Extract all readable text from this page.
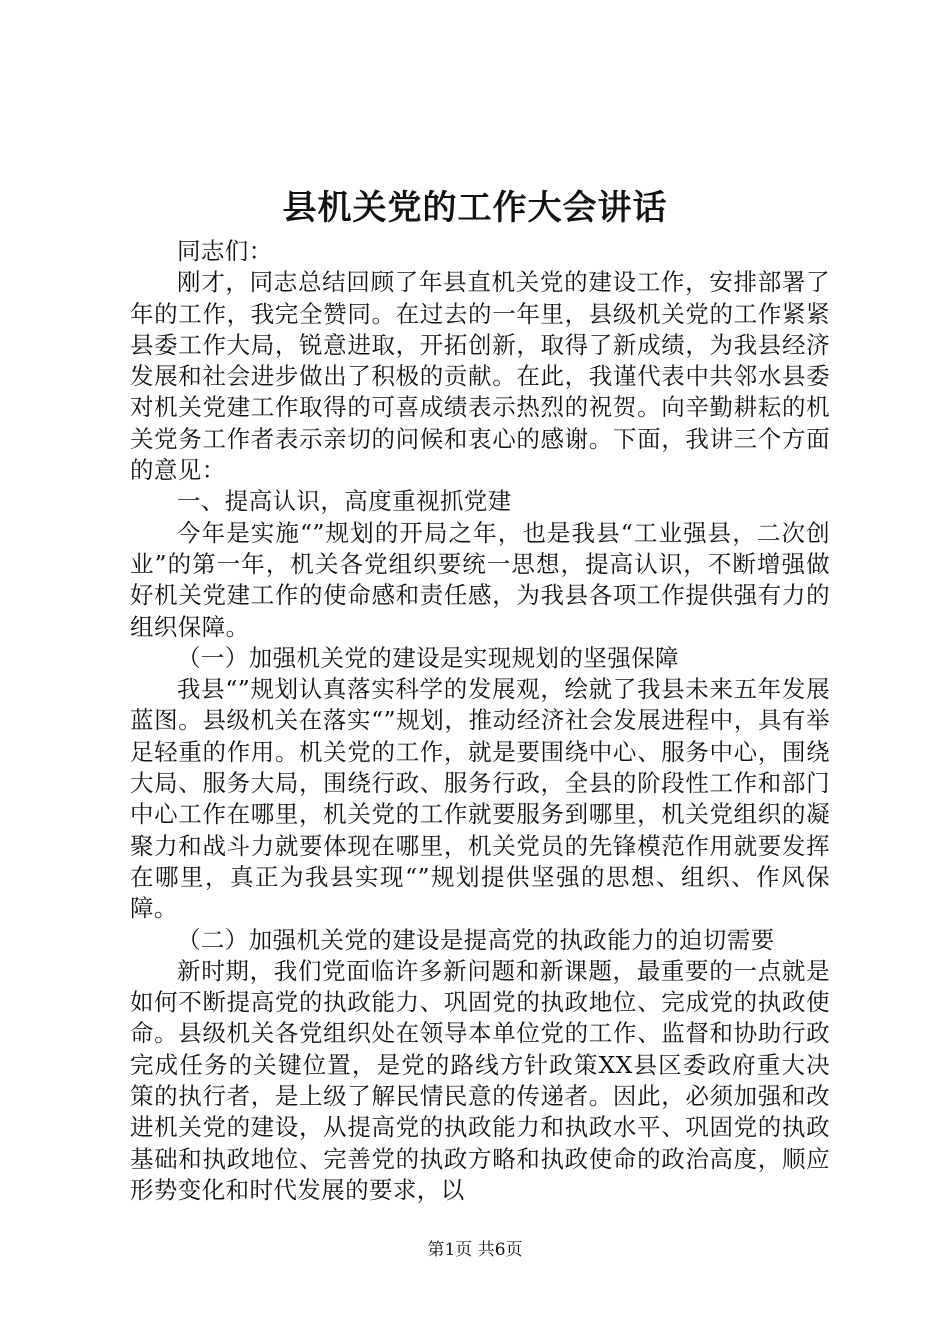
县机关党的工作大会讲话

同志们：

刚才，同志总结回顾了年县直机关党的建设工作，安排部署了年的工作，我完全赞同。在过去的一年里，县级机关党的工作紧紧县委工作大局，锐意进取，开拓创新，取得了新成绩，为我县经济发展和社会进步做出了积极的贡献。在此，我谨代表中共邻水县委对机关党建工作取得的可喜成绩表示热烈的祝贺。向辛勤耕耘的机关党务工作者表示亲切的问候和衷心的感谢。下面，我讲三个方面的意见：

一、提高认识，高度重视抓党建

今年是实施“”规划的开局之年，也是我县“工业强县，二次创业”的第一年，机关各党组织要统一思想，提高认识，不断增强做好机关党建工作的使命感和责任感，为我县各项工作提供强有力的组织保障。

（一）加强机关党的建设是实现规划的坚强保障

我县“”规划认真落实科学的发展观，绘就了我县未来五年发展蓝图。县级机关在落实“”规划，推动经济社会发展进程中，具有举足轻重的作用。机关党的工作，就是要围绕中心、服务中心，围绕大局、服务大局，围绕行政、服务行政，全县的阶段性工作和部门中心工作在哪里，机关党的工作就要服务到哪里，机关党组织的凝聚力和战斗力就要体现在哪里，机关党员的先锋模范作用就要发挥在哪里，真正为我县实现“”规划提供坚强的思想、组织、作风保障。

（二）加强机关党的建设是提高党的执政能力的迫切需要

新时期，我们党面临许多新问题和新课题，最重要的一点就是如何不断提高党的执政能力、巩固党的执政地位、完成党的执政使命。县级机关各党组织处在领导本单位党的工作、监督和协助行政完成任务的关键位置，是党的路线方针政策XX县区委政府重大决策的执行者，是上级了解民情民意的传递者。因此，必须加强和改进机关党的建设，从提高党的执政能力和执政水平、巩固党的执政基础和执政地位、完善党的执政方略和执政使命的政治高度，顺应形势变化和时代发展的要求，以

第1页 共6页
